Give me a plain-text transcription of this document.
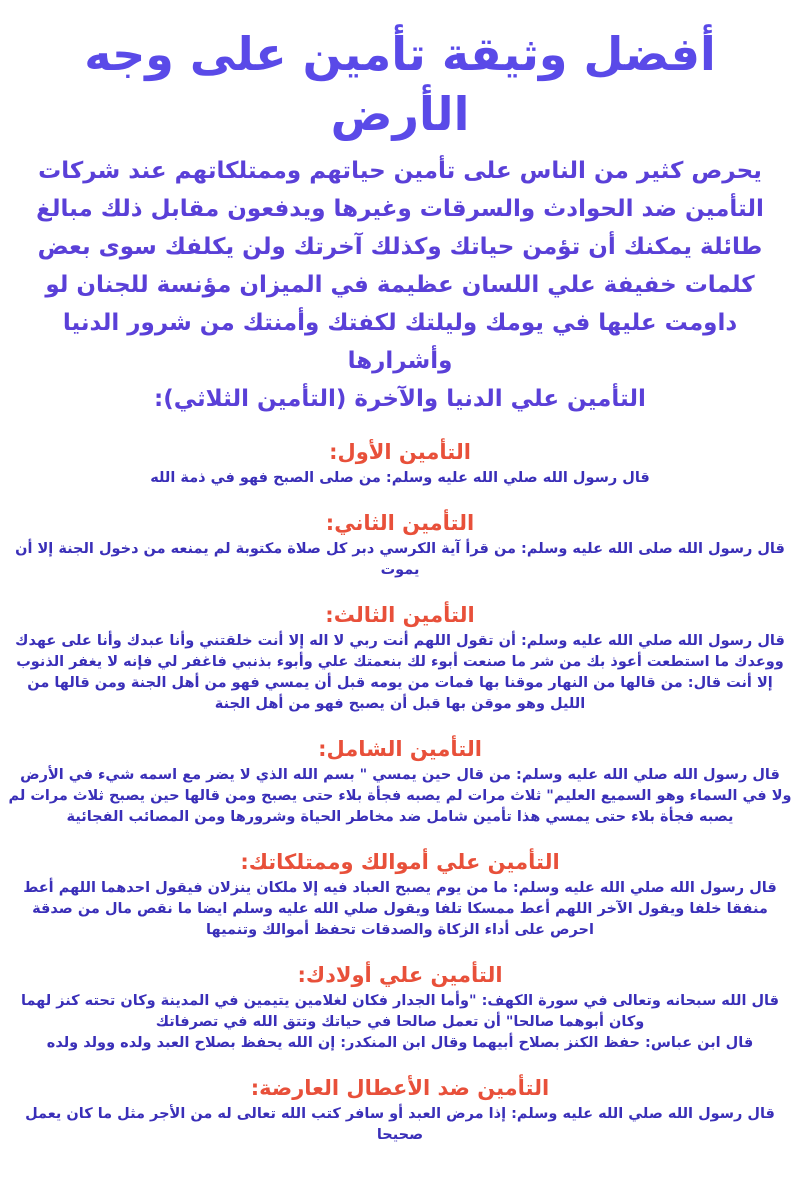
أفضل وثيقة تأمين على وجه الأرض

يحرص كثير من الناس على تأمين حياتهم وممتلكاتهم عند شركات التأمين ضد الحوادث والسرقات وغيرها ويدفعون مقابل ذلك مبالغ طائلة يمكنك أن تؤمن حياتك وكذلك آخرتك ولن يكلفك سوى بعض كلمات خفيفة علي اللسان عظيمة في الميزان مؤنسة للجنان لو داومت عليها في يومك وليلتك لكفتك وأمنتك من شرور الدنيا وأشرارها

التأمين علي الدنيا والآخرة (التأمين الثلاثي):
التأمين الأول:

قال رسول الله صلي الله عليه وسلم: من صلى الصبح فهو في ذمة الله

التأمين الثاني:

قال رسول الله صلى الله عليه وسلم: من قرأ آية الكرسي دبر كل صلاة مكتوبة لم يمنعه من دخول الجنة إلا أن يموت

التأمين الثالث:

قال رسول الله صلي الله عليه وسلم: أن تقول اللهم أنت ربي لا اله إلا أنت خلقتني وأنا عبدك وأنا على عهدك ووعدك ما استطعت أعوذ بك من شر ما صنعت أبوء لك بنعمتك علي وأبوء بذنبي فاغفر لي فإنه لا يغفر الذنوب إلا أنت قال: من قالها من النهار موقنا بها فمات من يومه قبل أن يمسي فهو من أهل الجنة ومن قالها من الليل وهو موقن بها قبل أن يصبح فهو من أهل الجنة

التأمين الشامل:

قال رسول الله صلي الله عليه وسلم: من قال حين يمسي " بسم الله الذي لا يضر مع اسمه شيء في الأرض ولا في السماء وهو السميع العليم" ثلاث مرات لم يصبه فجأة بلاء حتى يصبح ومن قالها حين يصبح ثلاث مرات لم يصبه فجأة بلاء حتى يمسي هذا تأمين شامل ضد مخاطر الحياة وشرورها ومن المصائب الفجائية

التأمين علي أموالك وممتلكاتك:

قال رسول الله صلي الله عليه وسلم: ما من يوم يصبح العباد فيه إلا ملكان ينزلان فيقول احدهما اللهم أعط منفقا خلفا ويقول الآخر اللهم أعط ممسكا تلفا ويقول صلي الله عليه وسلم ايضا ما نقص مال من صدقة احرص على أداء الزكاة والصدقات تحفظ أموالك وتنميها

التأمين علي أولادك:

قال الله سبحانه وتعالى في سورة الكهف: "وأما الجدار فكان لغلامين يتيمين في المدينة وكان تحته كنز لهما وكان أبوهما صالحا" أن تعمل صالحا في حياتك وتتق الله في تصرفاتك

قال ابن عباس: حفظ الكنز بصلاح أبيهما وقال ابن المنكدر: إن الله يحفظ بصلاح العبد ولده وولد ولده

التأمين ضد الأعطال العارضة:

قال رسول الله صلي الله عليه وسلم: إذا مرض العبد أو سافر كتب الله تعالى له من الأجر مثل ما كان يعمل صحيحا
